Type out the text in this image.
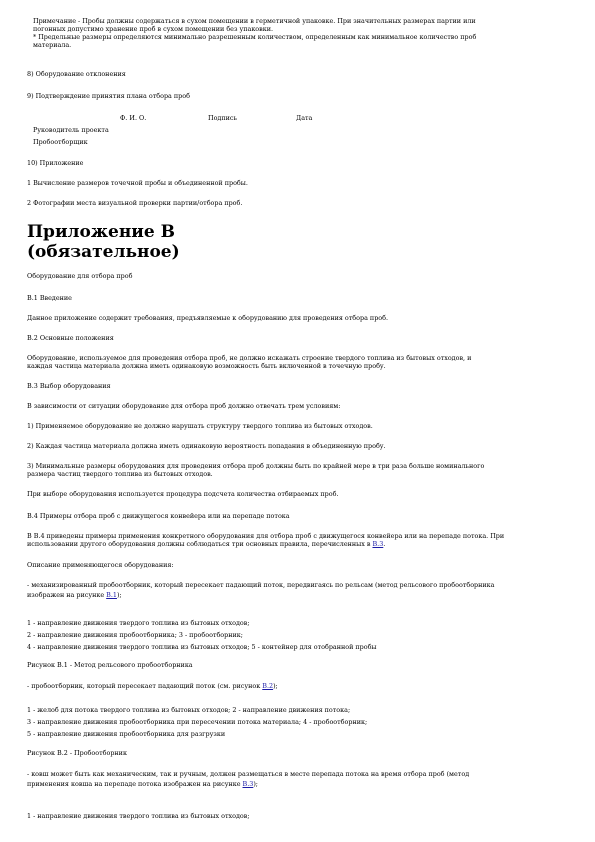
Примечание - Пробы должны содержаться в сухом помещении в герметичной упаковке. При значительных размерах партии или

погонных допустимо хранение проб в сухом помещении без упаковки.

* Предельные размеры определяются минимально разрешенным количеством, определенным как минимальное количество проб

материала.

8) Оборудование отклонения

9) Подтверждение принятия плана отбора проб

Ф. И. О.	Подпись	Дата
Руководитель проекта
Пробоотборщик

10) Приложение

1 Вычисление размеров точечной пробы и объединенной пробы.

2 Фотографии места визуальной проверки партии/отбора проб.

Приложение В
(обязательное)

Оборудование для отбора проб

В.1 Введение

Данное приложение содержит требования, предъявляемые к оборудованию для проведения отбора проб.

В.2 Основные положения

Оборудование, используемое для проведения отбора проб, не должно искажать строение твердого топлива из бытовых отходов, и

каждая частица материала должна иметь одинаковую возможность быть включенной в точечную пробу.

В.3 Выбор оборудования

В зависимости от ситуации оборудование для отбора проб должно отвечать трем условиям:

1) Применяемое оборудование не должно нарушать структуру твердого топлива из бытовых отходов.

2) Каждая частица материала должна иметь одинаковую вероятность попадания в объединенную пробу.

3) Минимальные размеры оборудования для проведения отбора проб должны быть по крайней мере в три раза больше номинального

размера частиц твердого топлива из бытовых отходов.

При выборе оборудования используется процедура подсчета количества отбираемых проб.

В.4 Примеры отбора проб с движущегося конвейера или на перепаде потока

В В.4 приведены примеры применения конкретного оборудования для отбора проб с движущегося конвейера или на перепаде потока. При

использовании другого оборудования должны соблюдаться три основных правила, перечисленных в В.3.

Описание применяющегося оборудования:

- механизированный пробоотборник, который пересекает падающий поток, передвигаясь по рельсам (метод рельсового пробоотборника

изображен на рисунке В.1);

1 - направление движения твердого топлива из бытовых отходов;

2 - направление движения пробоотборника; 3 - пробоотборник;

4 - направление движения твердого топлива из бытовых отходов; 5 - контейнер для отобранной пробы

Рисунок В.1 - Метод рельсового пробоотборника

- пробоотборник, который пересекает падающий поток (см. рисунок В.2);

1 - желоб для потока твердого топлива из бытовых отходов; 2 - направление движения потока;

3 - направление движения пробоотборника при пересечении потока материала; 4 - пробоотборник;

5 - направление движения пробоотборника для разгрузки

Рисунок В.2 - Пробоотборник

- ковш может быть как механическим, так и ручным, должен размещаться в месте перепада потока на время отбора проб (метод

применения ковша на перепаде потока изображен на рисунке В.3);

1 - направление движения твердого топлива из бытовых отходов;
